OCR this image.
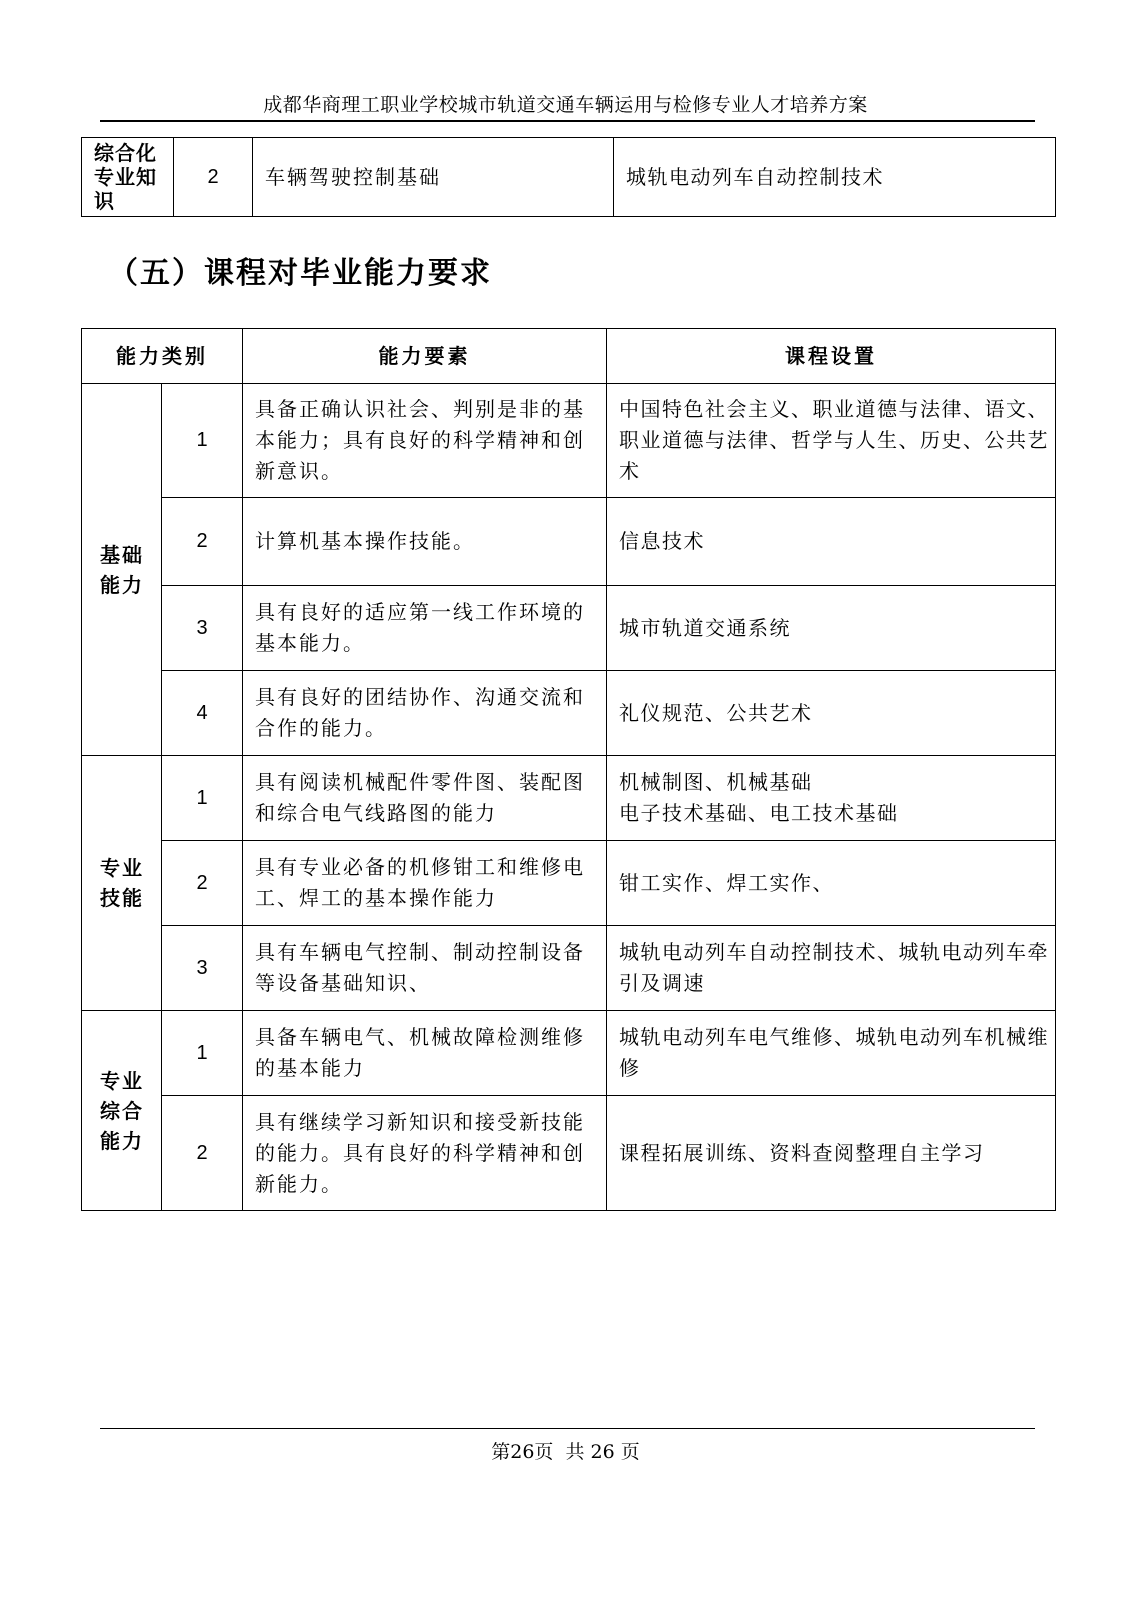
成都华商理工职业学校城市轨道交通车辆运用与检修专业人才培养方案
综合化专业知识	2	车辆驾驶控制基础	城轨电动列车自动控制技术
（五）课程对毕业能力要求
能力类别		能力要素	课程设置
基础能力	1	具备正确认识社会、判别是非的基本能力；具有良好的科学精神和创新意识。	中国特色社会主义、职业道德与法律、语文、职业道德与法律、哲学与人生、历史、公共艺术
	2	计算机基本操作技能。	信息技术
	3	具有良好的适应第一线工作环境的基本能力。	城市轨道交通系统
	4	具有良好的团结协作、沟通交流和合作的能力。	礼仪规范、公共艺术
专业技能	1	具有阅读机械配件零件图、装配图和综合电气线路图的能力	机械制图、机械基础
电子技术基础、电工技术基础
	2	具有专业必备的机修钳工和维修电工、焊工的基本操作能力	钳工实作、焊工实作、
	3	具有车辆电气控制、制动控制设备等设备基础知识、	城轨电动列车自动控制技术、城轨电动列车牵引及调速
专业综合能力	1	具备车辆电气、机械故障检测维修的基本能力	城轨电动列车电气维修、城轨电动列车机械维修
	2	具有继续学习新知识和接受新技能的能力。具有良好的科学精神和创新能力。	课程拓展训练、资料查阅整理自主学习
第26页  共 26 页
